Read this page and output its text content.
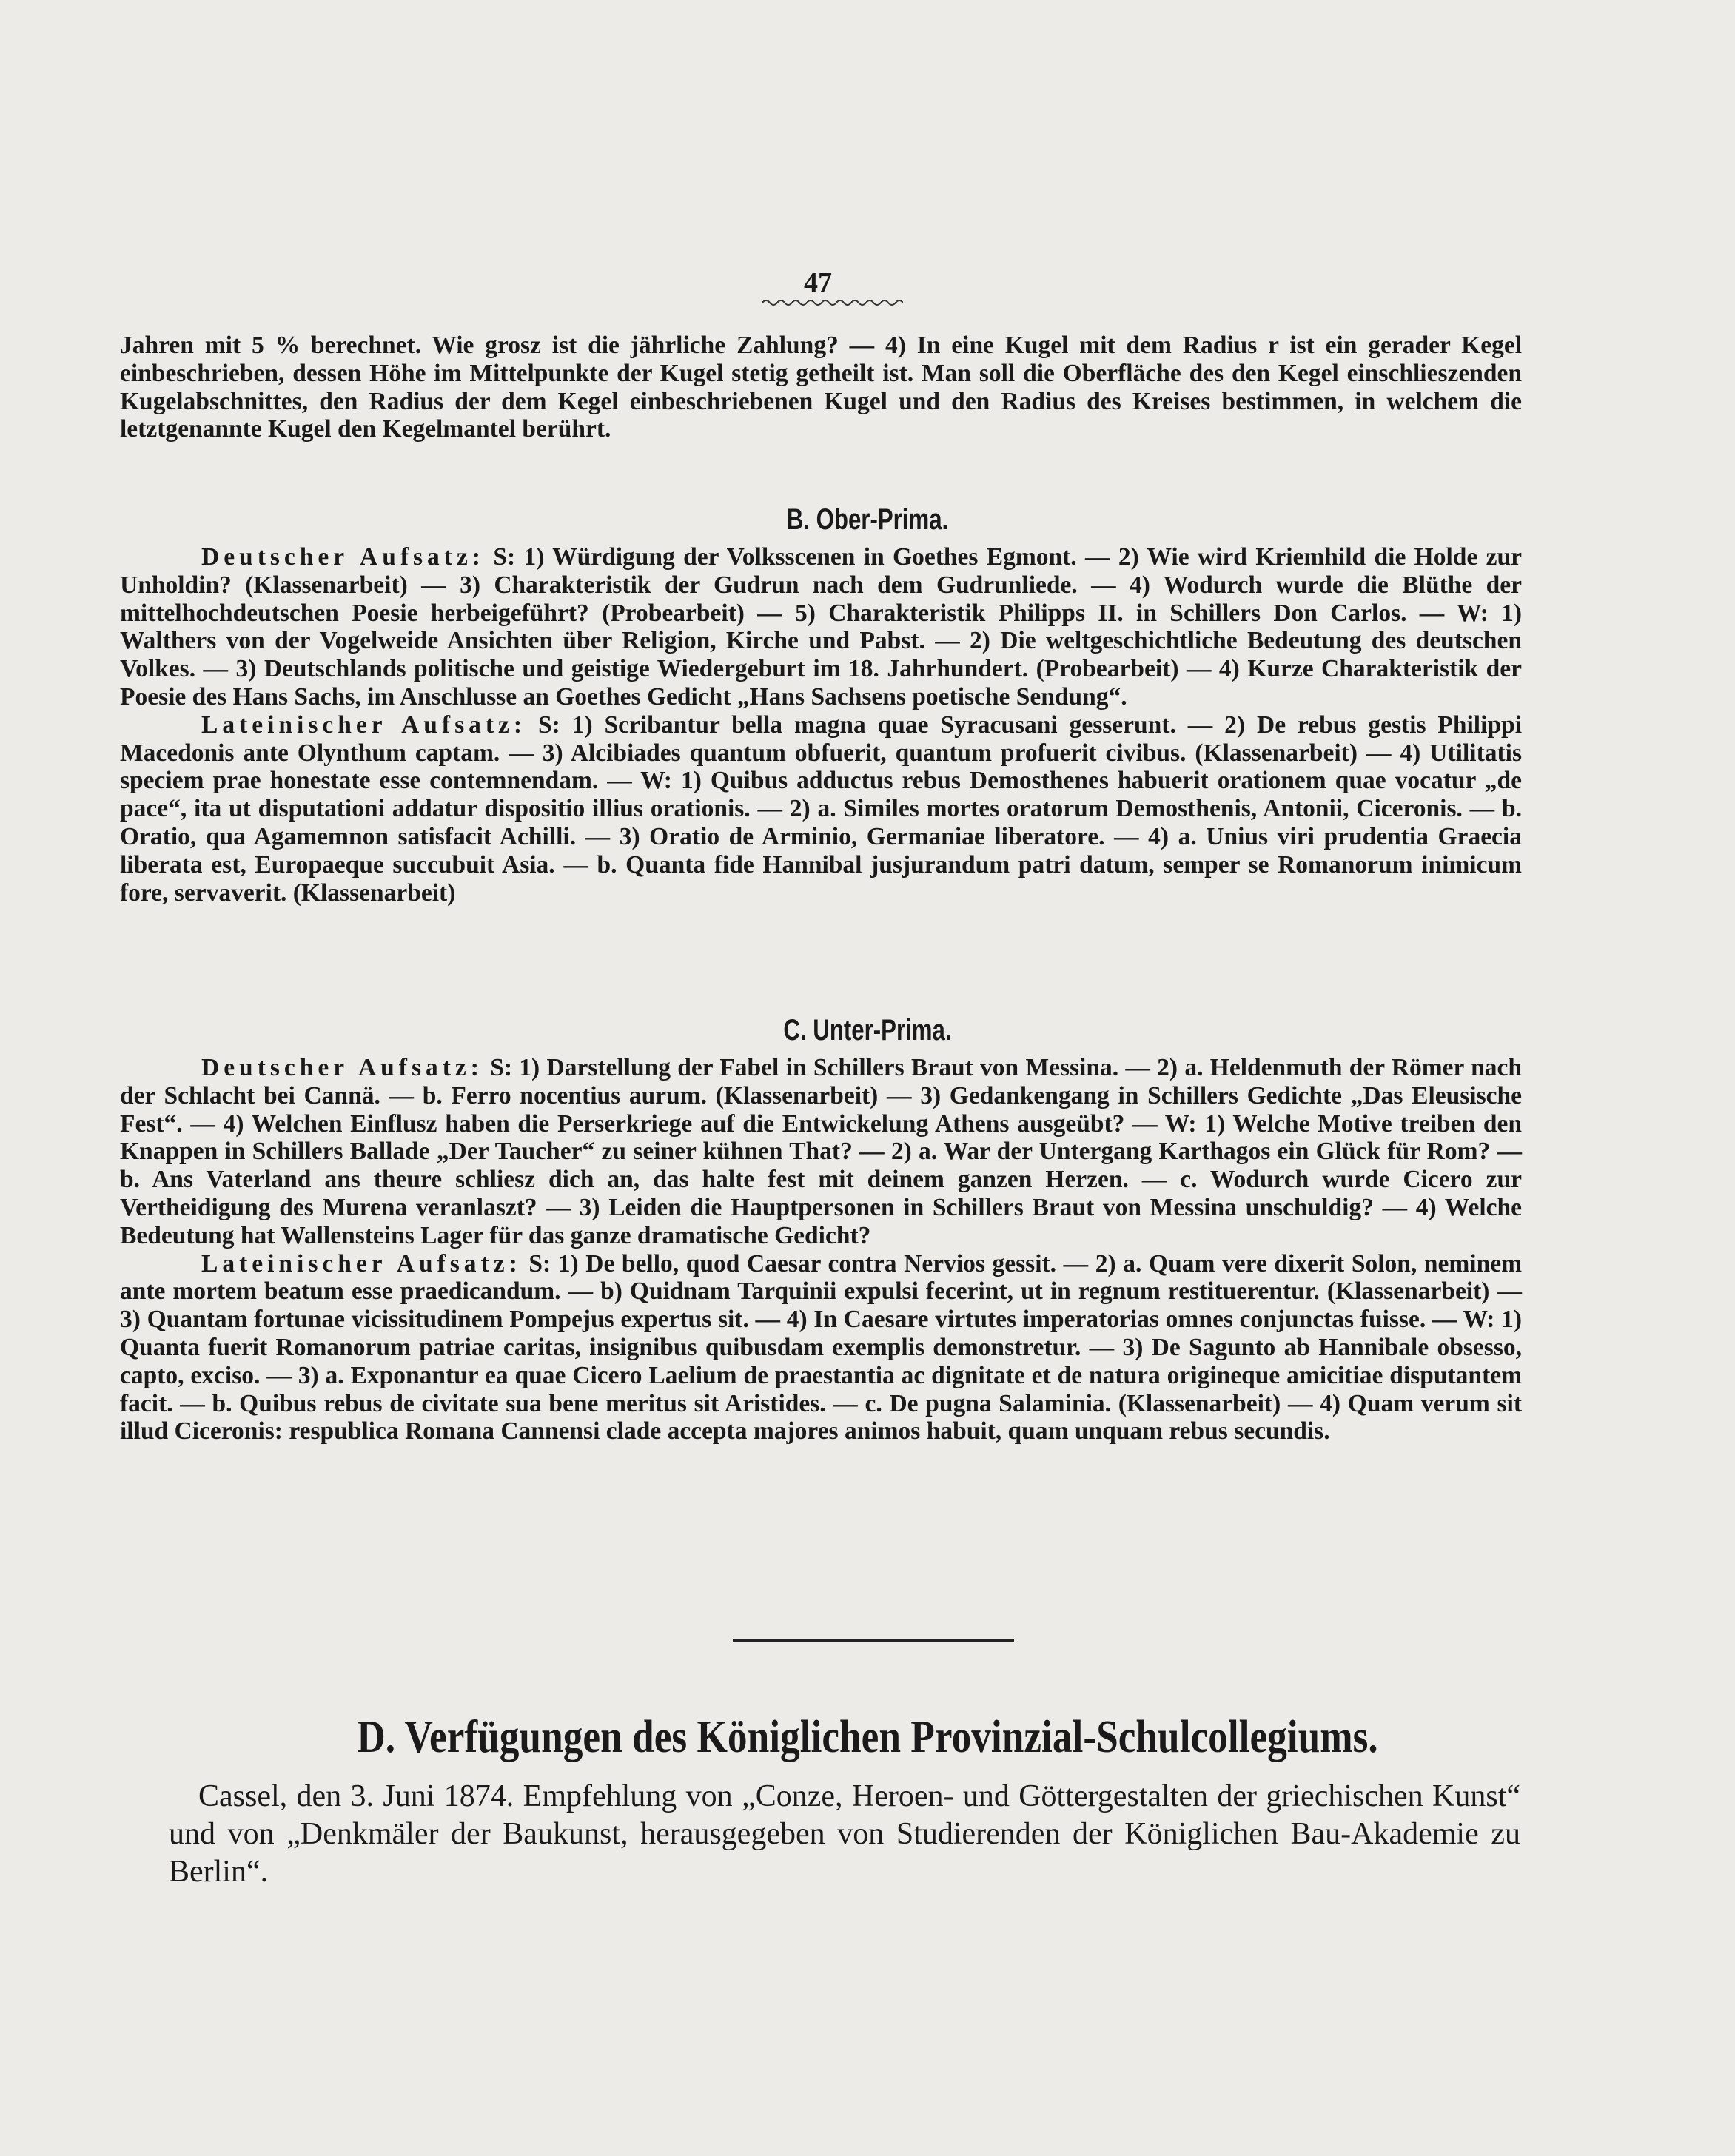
47

Jahren mit 5 % berechnet. Wie grosz ist die jährliche Zahlung? — 4) In eine Kugel mit dem Radius r ist ein gerader Kegel einbeschrieben, dessen Höhe im Mittelpunkte der Kugel stetig getheilt ist. Man soll die Oberfläche des den Kegel einschlieszenden Kugelabschnittes, den Radius der dem Kegel einbeschriebenen Kugel und den Radius des Kreises bestimmen, in welchem die letztgenannte Kugel den Kegelmantel berührt.

B. Ober-Prima.

Deutscher Aufsatz: S: 1) Würdigung der Volksscenen in Goethes Egmont. — 2) Wie wird Kriemhild die Holde zur Unholdin? (Klassenarbeit) — 3) Charakteristik der Gudrun nach dem Gudrunliede. — 4) Wodurch wurde die Blüthe der mittelhochdeutschen Poesie herbeigeführt? (Probearbeit) — 5) Charakteristik Philipps II. in Schillers Don Carlos. — W: 1) Walthers von der Vogelweide Ansichten über Religion, Kirche und Pabst. — 2) Die weltgeschichtliche Bedeutung des deutschen Volkes. — 3) Deutschlands politische und geistige Wiedergeburt im 18. Jahrhundert. (Probearbeit) — 4) Kurze Charakteristik der Poesie des Hans Sachs, im Anschlusse an Goethes Gedicht „Hans Sachsens poetische Sendung“.

Lateinischer Aufsatz: S: 1) Scribantur bella magna quae Syracusani gesserunt. — 2) De rebus gestis Philippi Macedonis ante Olynthum captam. — 3) Alcibiades quantum obfuerit, quantum profuerit civibus. (Klassenarbeit) — 4) Utilitatis speciem prae honestate esse contemnendam. — W: 1) Quibus adductus rebus Demosthenes habuerit orationem quae vocatur „de pace“, ita ut disputationi addatur dispositio illius orationis. — 2) a. Similes mortes oratorum Demosthenis, Antonii, Ciceronis. — b. Oratio, qua Agamemnon satisfacit Achilli. — 3) Oratio de Arminio, Germaniae liberatore. — 4) a. Unius viri prudentia Graecia liberata est, Europaeque succubuit Asia. — b. Quanta fide Hannibal jusjurandum patri datum, semper se Romanorum inimicum fore, servaverit. (Klassenarbeit)

C. Unter-Prima.

Deutscher Aufsatz: S: 1) Darstellung der Fabel in Schillers Braut von Messina. — 2) a. Heldenmuth der Römer nach der Schlacht bei Cannä. — b. Ferro nocentius aurum. (Klassenarbeit) — 3) Gedankengang in Schillers Gedichte „Das Eleusische Fest“. — 4) Welchen Einflusz haben die Perserkriege auf die Entwickelung Athens ausgeübt? — W: 1) Welche Motive treiben den Knappen in Schillers Ballade „Der Taucher“ zu seiner kühnen That? — 2) a. War der Untergang Karthagos ein Glück für Rom? — b. Ans Vaterland ans theure schliesz dich an, das halte fest mit deinem ganzen Herzen. — c. Wodurch wurde Cicero zur Vertheidigung des Murena veranlaszt? — 3) Leiden die Hauptpersonen in Schillers Braut von Messina unschuldig? — 4) Welche Bedeutung hat Wallensteins Lager für das ganze dramatische Gedicht?

Lateinischer Aufsatz: S: 1) De bello, quod Caesar contra Nervios gessit. — 2) a. Quam vere dixerit Solon, neminem ante mortem beatum esse praedicandum. — b) Quidnam Tarquinii expulsi fecerint, ut in regnum restituerentur. (Klassenarbeit) — 3) Quantam fortunae vicissitudinem Pompejus expertus sit. — 4) In Caesare virtutes imperatorias omnes conjunctas fuisse. — W: 1) Quanta fuerit Romanorum patriae caritas, insignibus quibusdam exemplis demonstretur. — 3) De Sagunto ab Hannibale obsesso, capto, exciso. — 3) a. Exponantur ea quae Cicero Laelium de praestantia ac dignitate et de natura origineque amicitiae disputantem facit. — b. Quibus rebus de civitate sua bene meritus sit Aristides. — c. De pugna Salaminia. (Klassenarbeit) — 4) Quam verum sit illud Ciceronis: respublica Romana Cannensi clade accepta majores animos habuit, quam unquam rebus secundis.

D. Verfügungen des Königlichen Provinzial-Schulcollegiums.

Cassel, den 3. Juni 1874. Empfehlung von „Conze, Heroen- und Göttergestalten der griechischen Kunst“ und von „Denkmäler der Baukunst, herausgegeben von Studierenden der Königlichen Bau-Akademie zu Berlin“.
